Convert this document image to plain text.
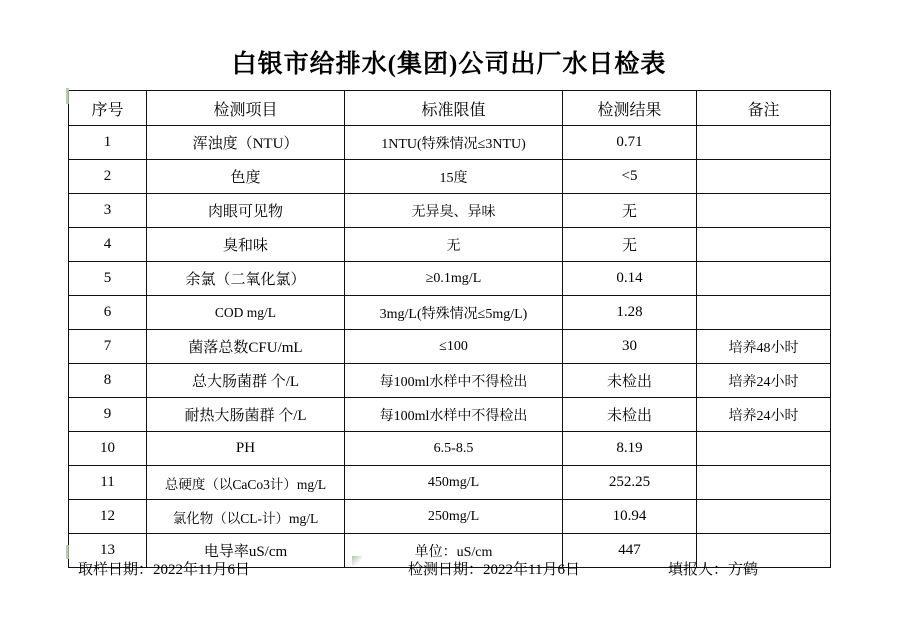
白银市给排水(集团)公司出厂水日检表
序号	检测项目	标准限值	检测结果	备注
1	浑浊度（NTU）	1NTU(特殊情况≤3NTU)	0.71	
2	色度	15度	<5	
3	肉眼可见物	无异臭、异味	无	
4	臭和味	无	无	
5	余氯（二氧化氯）	≥0.1mg/L	0.14	
6	COD mg/L	3mg/L(特殊情况≤5mg/L)	1.28	
7	菌落总数CFU/mL	≤100	30	培养48小时
8	总大肠菌群 个/L	每100ml水样中不得检出	未检出	培养24小时
9	耐热大肠菌群 个/L	每100ml水样中不得检出	未检出	培养24小时
10	PH	6.5-8.5	8.19	
11	总硬度（以CaCo3计）mg/L	450mg/L	252.25	
12	氯化物（以CL-计）mg/L	250mg/L	10.94	
13	电导率uS/cm	单位：uS/cm	447	
取样日期：2022年11月6日	检测日期：2022年11月6日	填报人：方鹤
